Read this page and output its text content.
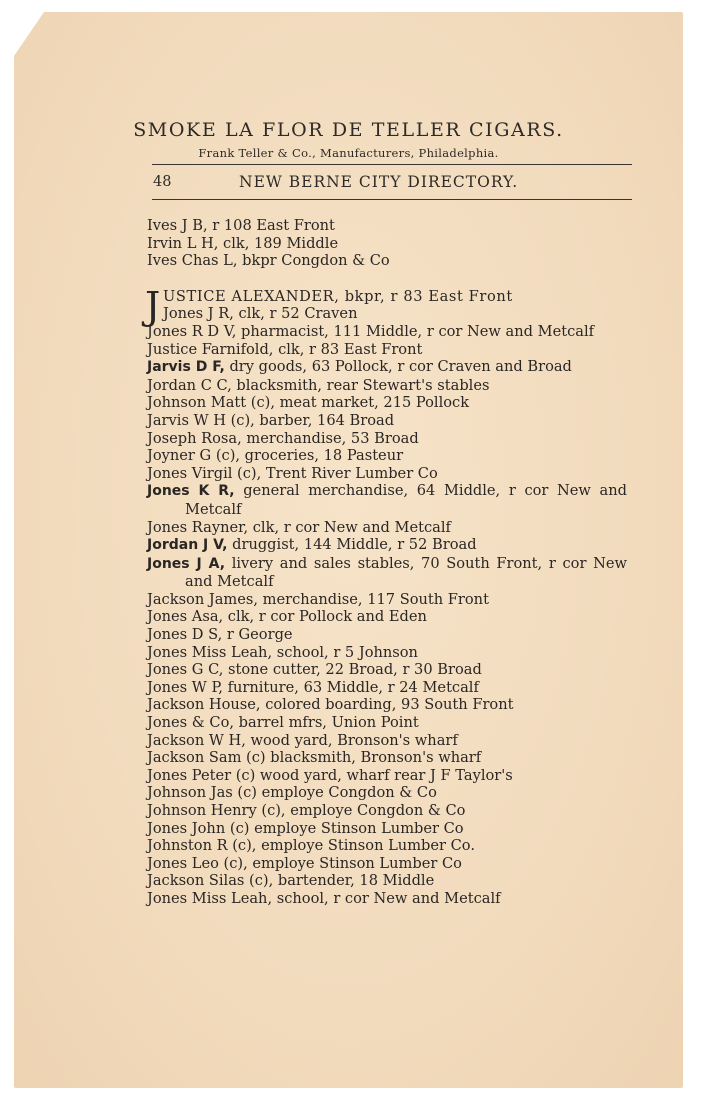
SMOKE LA FLOR DE TELLER CIGARS.
Frank Teller & Co., Manufacturers, Philadelphia.
48	NEW BERNE CITY DIRECTORY.
Ives J B, r 108 East Front
Irvin L H, clk, 189 Middle
Ives Chas L, bkpr Congdon & Co
J USTICE ALEXANDER, bkpr, r 83 East Front
Jones J R, clk, r 52 Craven
Jones R D V, pharmacist, 111 Middle, r cor New and Metcalf
Justice Farnifold, clk, r 83 East Front
Jarvis D F, dry goods, 63 Pollock, r cor Craven and Broad
Jordan C C, blacksmith, rear Stewart's stables
Johnson Matt (c), meat market, 215 Pollock
Jarvis W H (c), barber, 164 Broad
Joseph Rosa, merchandise, 53 Broad
Joyner G (c), groceries, 18 Pasteur
Jones Virgil (c), Trent River Lumber Co
Jones K R, general merchandise, 64 Middle, r cor New and Metcalf
Jones Rayner, clk, r cor New and Metcalf
Jordan J V, druggist, 144 Middle, r 52 Broad
Jones J A, livery and sales stables, 70 South Front, r cor New and Metcalf
Jackson James, merchandise, 117 South Front
Jones Asa, clk, r cor Pollock and Eden
Jones D S, r George
Jones Miss Leah, school, r 5 Johnson
Jones G C, stone cutter, 22 Broad, r 30 Broad
Jones W P, furniture, 63 Middle, r 24 Metcalf
Jackson House, colored boarding, 93 South Front
Jones & Co, barrel mfrs, Union Point
Jackson W H, wood yard, Bronson's wharf
Jackson Sam (c) blacksmith, Bronson's wharf
Jones Peter (c) wood yard, wharf rear J F Taylor's
Johnson Jas (c) employe Congdon & Co
Johnson Henry (c), employe Congdon & Co
Jones John (c) employe Stinson Lumber Co
Johnston R (c), employe Stinson Lumber Co.
Jones Leo (c), employe Stinson Lumber Co
Jackson Silas (c), bartender, 18 Middle
Jones Miss Leah, school, r cor New and Metcalf
